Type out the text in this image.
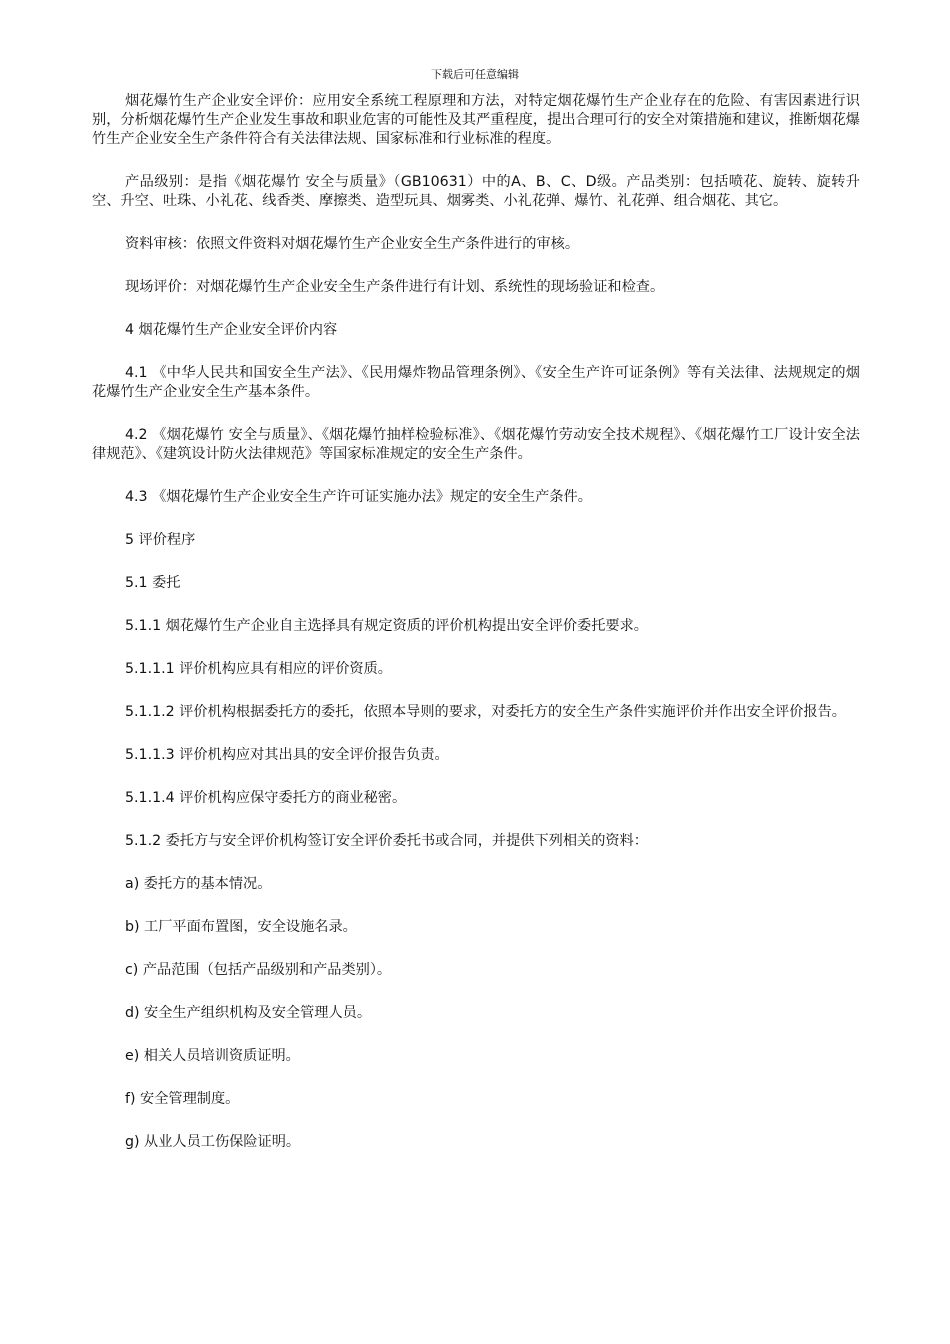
下载后可任意编辑

烟花爆竹生产企业安全评价：应用安全系统工程原理和方法，对特定烟花爆竹生产企业存在的危险、有害因素进行识别，分析烟花爆竹生产企业发生事故和职业危害的可能性及其严重程度，提出合理可行的安全对策措施和建议，推断烟花爆竹生产企业安全生产条件符合有关法律法规、国家标准和行业标准的程度。

产品级别：是指《烟花爆竹 安全与质量》（GB10631）中的A、B、C、D级。产品类别：包括喷花、旋转、旋转升空、升空、吐珠、小礼花、线香类、摩擦类、造型玩具、烟雾类、小礼花弹、爆竹、礼花弹、组合烟花、其它。

资料审核：依照文件资料对烟花爆竹生产企业安全生产条件进行的审核。

现场评价：对烟花爆竹生产企业安全生产条件进行有计划、系统性的现场验证和检查。

4 烟花爆竹生产企业安全评价内容

4.1 《中华人民共和国安全生产法》、《民用爆炸物品管理条例》、《安全生产许可证条例》等有关法律、法规规定的烟花爆竹生产企业安全生产基本条件。

4.2 《烟花爆竹 安全与质量》、《烟花爆竹抽样检验标准》、《烟花爆竹劳动安全技术规程》、《烟花爆竹工厂设计安全法律规范》、《建筑设计防火法律规范》等国家标准规定的安全生产条件。

4.3 《烟花爆竹生产企业安全生产许可证实施办法》规定的安全生产条件。

5 评价程序

5.1 委托

5.1.1 烟花爆竹生产企业自主选择具有规定资质的评价机构提出安全评价委托要求。

5.1.1.1 评价机构应具有相应的评价资质。

5.1.1.2 评价机构根据委托方的委托，依照本导则的要求，对委托方的安全生产条件实施评价并作出安全评价报告。

5.1.1.3 评价机构应对其出具的安全评价报告负责。

5.1.1.4 评价机构应保守委托方的商业秘密。

5.1.2 委托方与安全评价机构签订安全评价委托书或合同，并提供下列相关的资料：

a) 委托方的基本情况。

b) 工厂平面布置图，安全设施名录。

c) 产品范围（包括产品级别和产品类别）。

d) 安全生产组织机构及安全管理人员。

e) 相关人员培训资质证明。

f) 安全管理制度。

g) 从业人员工伤保险证明。
